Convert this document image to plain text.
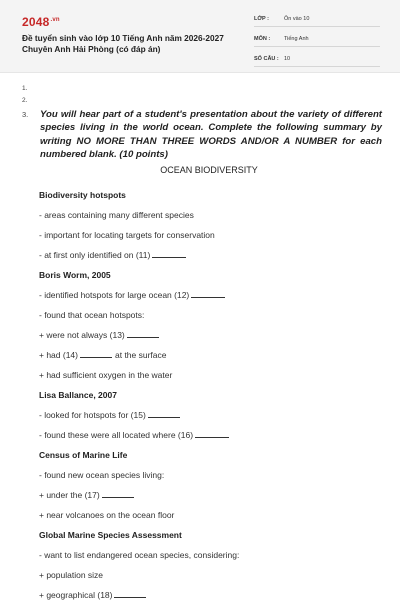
$2048^{.vn}$
Đề tuyển sinh vào lớp 10 Tiếng Anh năm 2026-2027 Chuyên Anh Hải Phòng (có đáp án)
LỚP :	Ôn vào 10
MÔN :	Tiếng Anh
SỐ CÂU : 10
1.
2.
3.	You will hear part of a student's presentation about the variety of different species living in the world ocean. Complete the following summary by writing NO MORE THAN THREE WORDS AND/OR A NUMBER for each numbered blank. (10 points)
OCEAN BIODIVERSITY
Biodiversity hotspots
- areas containing many different species
- important for locating targets for conservation
- at first only identified on (11)
Boris Worm, 2005
- identified hotspots for large ocean (12)
- found that ocean hotspots:
+ were not always (13)
+ had (14)	at the surface
+ had sufficient oxygen in the water
Lisa Ballance, 2007
- looked for hotspots for (15)
- found these were all located where (16)
Census of Marine Life
- found new ocean species living:
+ under the (17)
+ near volcanoes on the ocean floor
Global Marine Species Assessment
- want to list endangered ocean species, considering:
+ population size
+ geographical (18)
